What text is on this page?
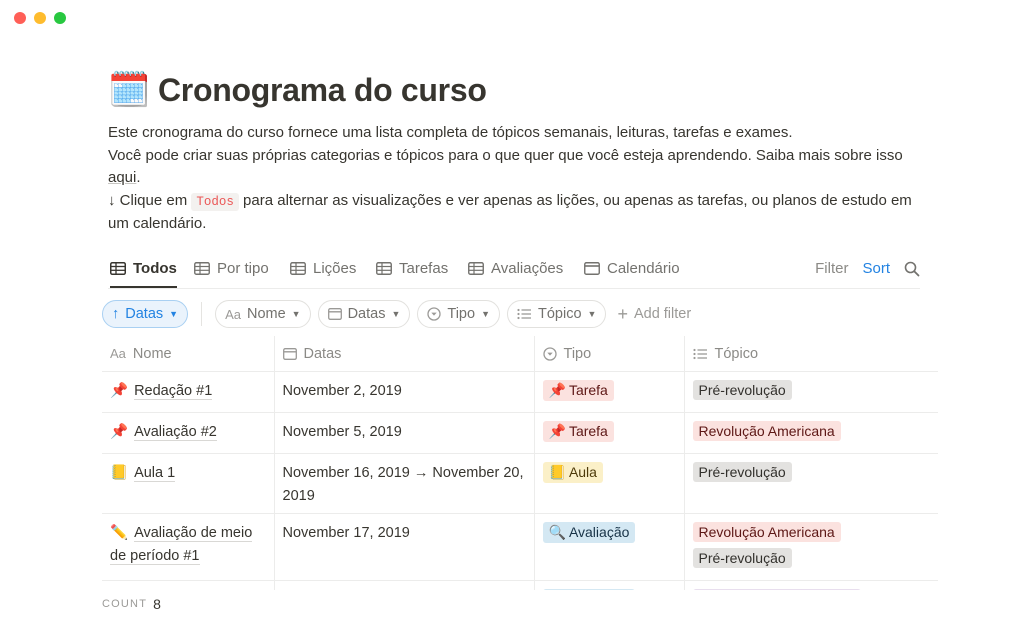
🗓️ Cronograma do curso

Este cronograma do curso fornece uma lista completa de tópicos semanais, leituras, tarefas e exames.

Você pode criar suas próprias categorias e tópicos para o que quer que você esteja aprendendo. Saiba mais sobre isso aqui.

↓ Clique em Todos para alternar as visualizações e ver apenas as lições, ou apenas as tarefas, ou planos de estudo em um calendário.

Todos	Por tipo	Lições	Tarefas	Avaliações	Calendário	Filter Sort
↑ Datas ▼	Aa Nome ▼	Datas ▼	Tipo ▼	Tópico ▼ + Add filter
Aa Nome	Datas	Tipo	Tópico

📌 Redação #1	November 2, 2019	📌 Tarefa	Pré-revolução

📌 Avaliação #2	November 5, 2019	📌 Tarefa	Revolução Americana

📒 Aula 1	November 16, 2019 → November 20, 2019	📒 Aula	Pré-revolução

✏️ Avaliação de meio de período #1	November 17, 2019	🔍 Avaliação	Revolução Americana
Pré-revolução

COUNT 8
